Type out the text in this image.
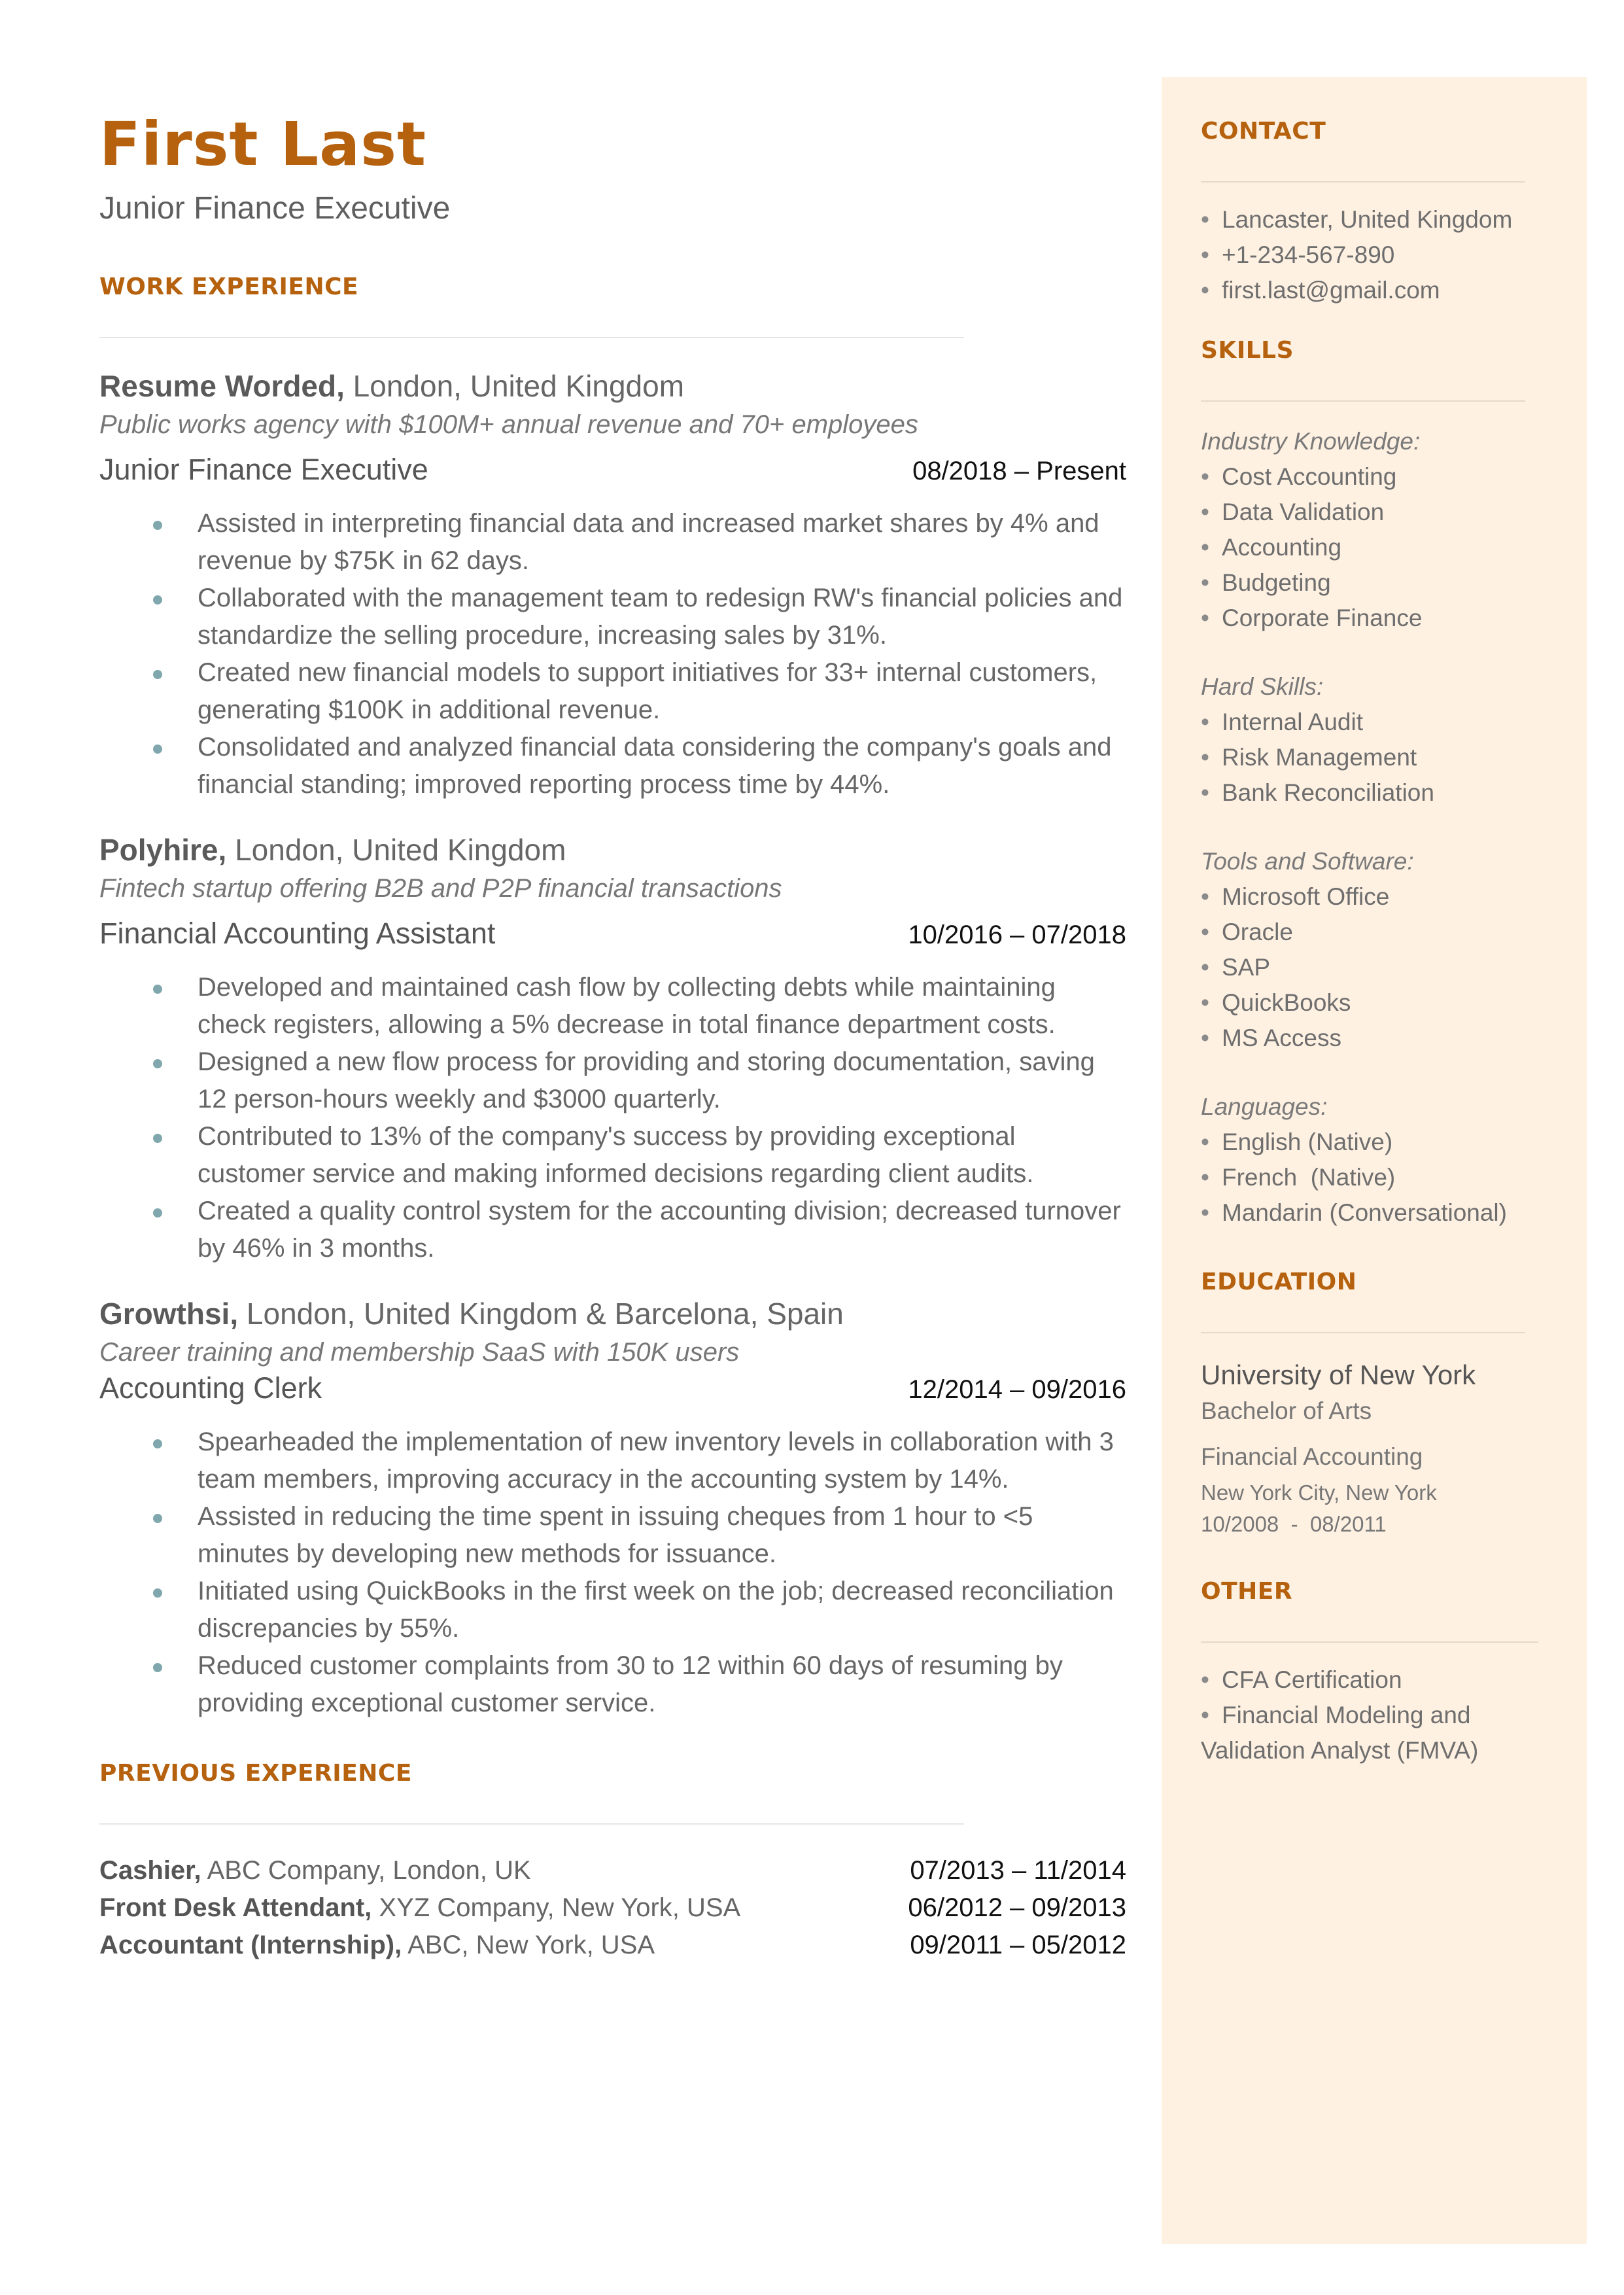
First Last
Junior Finance Executive
WORK EXPERIENCE
Resume Worded, London, United Kingdom
Public works agency with $100M+ annual revenue and 70+ employees
Junior Finance Executive	08/2018 – Present
Assisted in interpreting financial data and increased market shares by 4% and revenue by $75K in 62 days.
Collaborated with the management team to redesign RW's financial policies and standardize the selling procedure, increasing sales by 31%.
Created new financial models to support initiatives for 33+ internal customers, generating $100K in additional revenue.
Consolidated and analyzed financial data considering the company's goals and financial standing; improved reporting process time by 44%.
Polyhire, London, United Kingdom
Fintech startup offering B2B and P2P financial transactions
Financial Accounting Assistant	10/2016 – 07/2018
Developed and maintained cash flow by collecting debts while maintaining check registers, allowing a 5% decrease in total finance department costs.
Designed a new flow process for providing and storing documentation, saving 12 person-hours weekly and $3000 quarterly.
Contributed to 13% of the company's success by providing exceptional customer service and making informed decisions regarding client audits.
Created a quality control system for the accounting division; decreased turnover by 46% in 3 months.
Growthsi, London, United Kingdom & Barcelona, Spain
Career training and membership SaaS with 150K users
Accounting Clerk	12/2014 – 09/2016
Spearheaded the implementation of new inventory levels in collaboration with 3 team members, improving accuracy in the accounting system by 14%.
Assisted in reducing the time spent in issuing cheques from 1 hour to <5 minutes by developing new methods for issuance.
Initiated using QuickBooks in the first week on the job; decreased reconciliation discrepancies by 55%.
Reduced customer complaints from 30 to 12 within 60 days of resuming by providing exceptional customer service.
PREVIOUS EXPERIENCE
Cashier, ABC Company, London, UK	07/2013 – 11/2014
Front Desk Attendant, XYZ Company, New York, USA	06/2012 – 09/2013
Accountant (Internship), ABC, New York, USA	09/2011 – 05/2012
CONTACT
• Lancaster, United Kingdom
• +1-234-567-890
• first.last@gmail.com
SKILLS
Industry Knowledge:
• Cost Accounting
• Data Validation
• Accounting
• Budgeting
• Corporate Finance
Hard Skills:
• Internal Audit
• Risk Management
• Bank Reconciliation
Tools and Software:
• Microsoft Office
• Oracle
• SAP
• QuickBooks
• MS Access
Languages:
• English (Native)
• French  (Native)
• Mandarin (Conversational)
EDUCATION
University of New York
Bachelor of Arts
Financial Accounting
New York City, New York
10/2008  -  08/2011
OTHER
• CFA Certification
• Financial Modeling and Validation Analyst (FMVA)
